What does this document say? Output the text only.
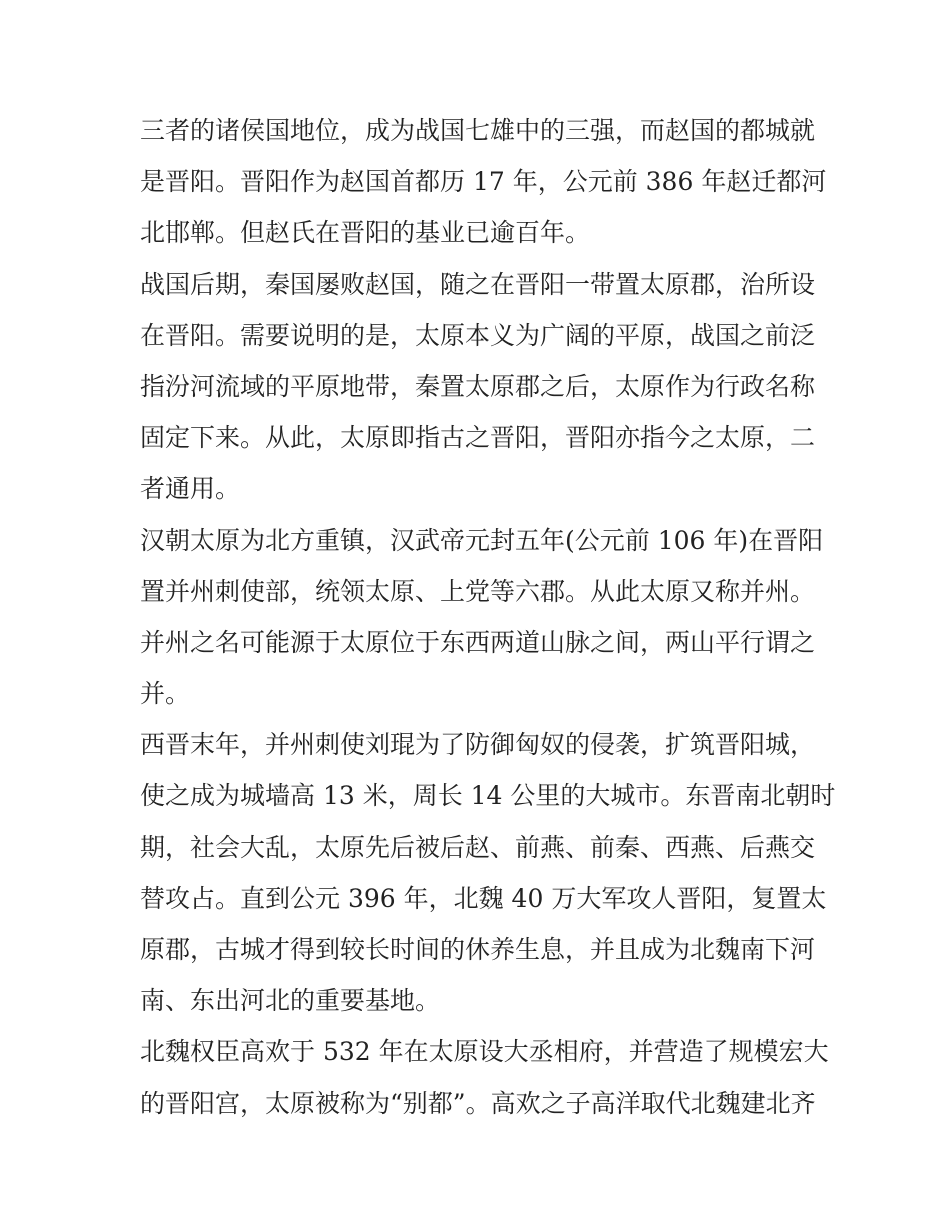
三者的诸侯国地位，成为战国七雄中的三强，而赵国的都城就
是晋阳。晋阳作为赵国首都历 17 年，公元前 386 年赵迁都河
北邯郸。但赵氏在晋阳的基业已逾百年。
战国后期，秦国屡败赵国，随之在晋阳一带置太原郡，治所设
在晋阳。需要说明的是，太原本义为广阔的平原，战国之前泛
指汾河流域的平原地带，秦置太原郡之后，太原作为行政名称
固定下来。从此，太原即指古之晋阳，晋阳亦指今之太原，二
者通用。
汉朝太原为北方重镇，汉武帝元封五年(公元前 106 年)在晋阳
置并州刺使部，统领太原、上党等六郡。从此太原又称并州。
并州之名可能源于太原位于东西两道山脉之间，两山平行谓之
并。
西晋末年，并州刺使刘琨为了防御匈奴的侵袭，扩筑晋阳城，
使之成为城墙高 13 米，周长 14 公里的大城市。东晋南北朝时
期，社会大乱，太原先后被后赵、前燕、前秦、西燕、后燕交
替攻占。直到公元 396 年，北魏 40 万大军攻人晋阳，复置太
原郡，古城才得到较长时间的休养生息，并且成为北魏南下河
南、东出河北的重要基地。
北魏权臣高欢于 532 年在太原设大丞相府，并营造了规模宏大
的晋阳宫，太原被称为“别都”。高欢之子高洋取代北魏建北齐
